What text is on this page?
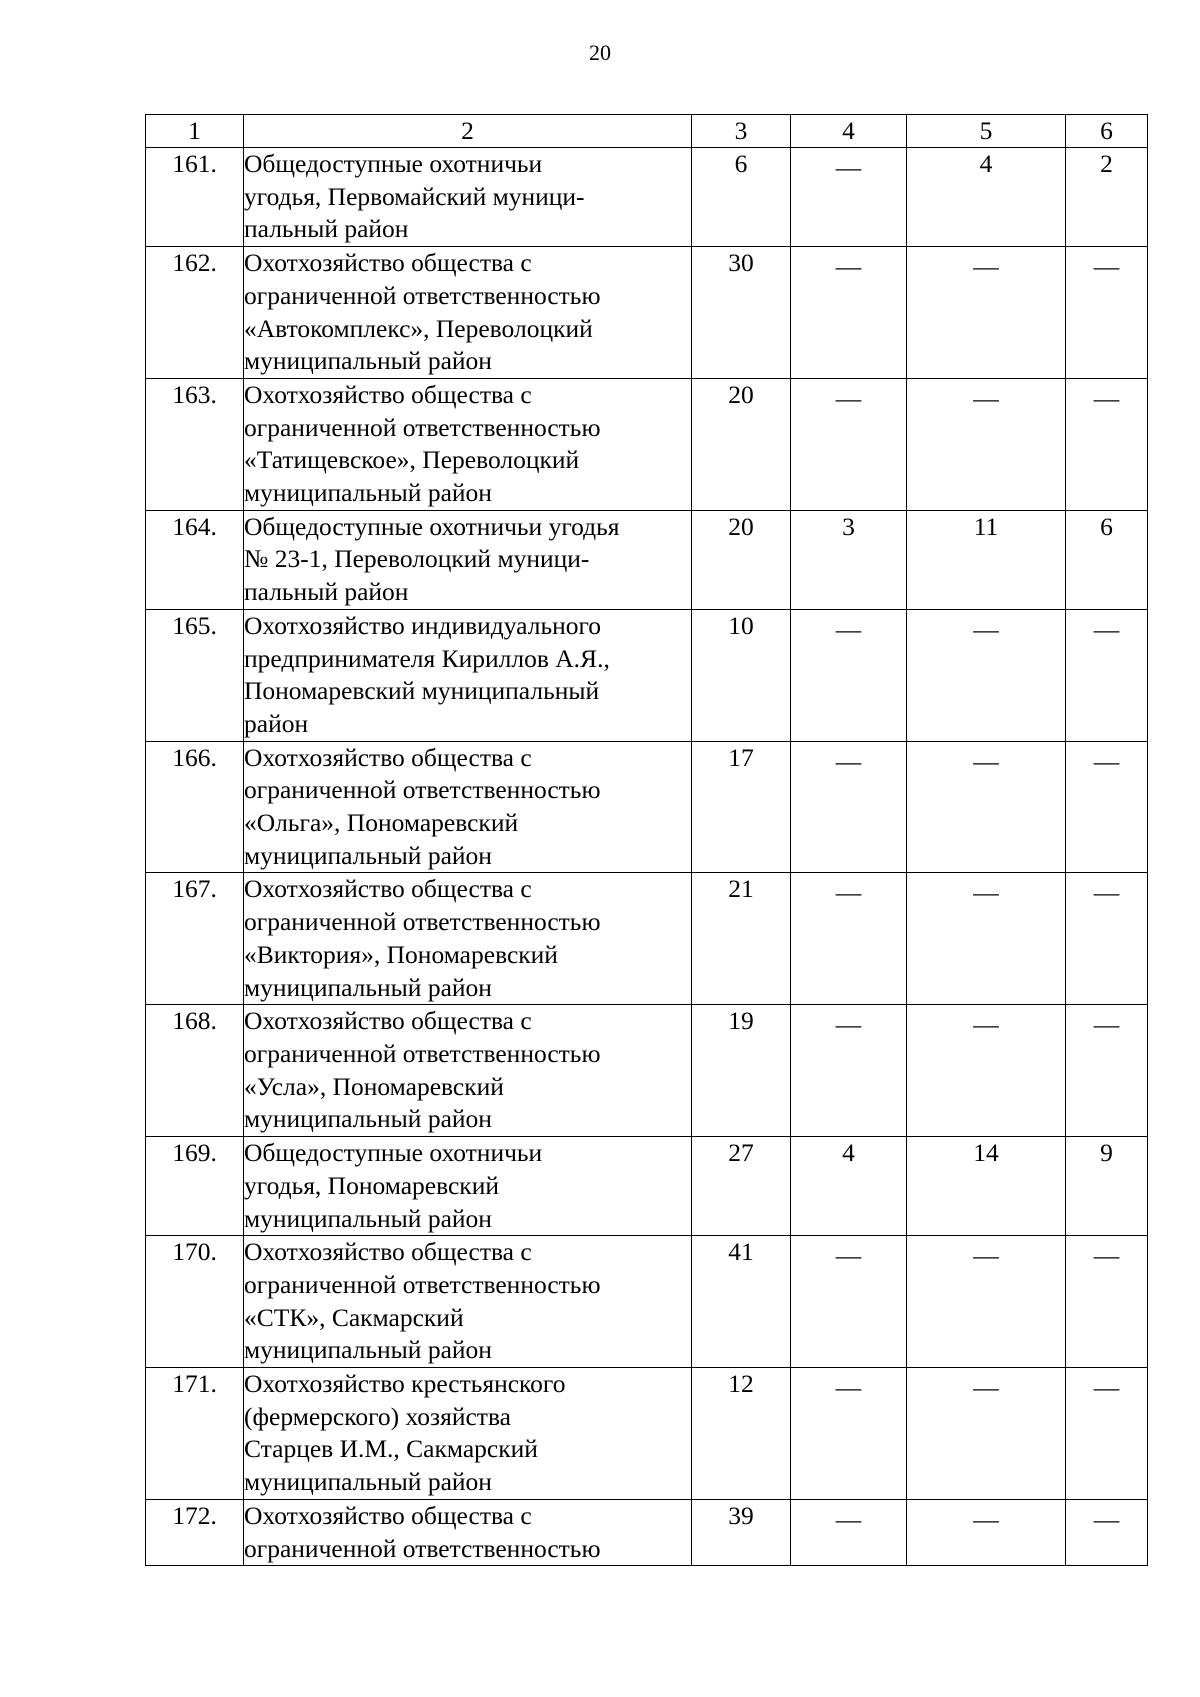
20
1	2	3	4	5	6
161.	Общедоступные охотничьи
угодья, Первомайский муници-
пальный район	6	—	4	2
162.	Охотхозяйство общества с
ограниченной ответственностью
«Автокомплекс», Переволоцкий
муниципальный район	30	—	—	—
163.	Охотхозяйство общества с
ограниченной ответственностью
«Татищевское», Переволоцкий
муниципальный район	20	—	—	—
164.	Общедоступные охотничьи угодья
№ 23-1, Переволоцкий муници-
пальный район	20	3	11	6
165.	Охотхозяйство индивидуального
предпринимателя Кириллов А.Я.,
Пономаревский муниципальный
район	10	—	—	—
166.	Охотхозяйство общества с
ограниченной ответственностью
«Ольга», Пономаревский
муниципальный район	17	—	—	—
167.	Охотхозяйство общества с
ограниченной ответственностью
«Виктория», Пономаревский
муниципальный район	21	—	—	—
168.	Охотхозяйство общества с
ограниченной ответственностью
«Усла», Пономаревский
муниципальный район	19	—	—	—
169.	Общедоступные охотничьи
угодья, Пономаревский
муниципальный район	27	4	14	9
170.	Охотхозяйство общества с
ограниченной ответственностью
«СТК», Сакмарский
муниципальный район	41	—	—	—
171.	Охотхозяйство крестьянского
(фермерского) хозяйства
Старцев И.М., Сакмарский
муниципальный район	12	—	—	—
172.	Охотхозяйство общества с
ограниченной ответственностью	39	—	—	—
